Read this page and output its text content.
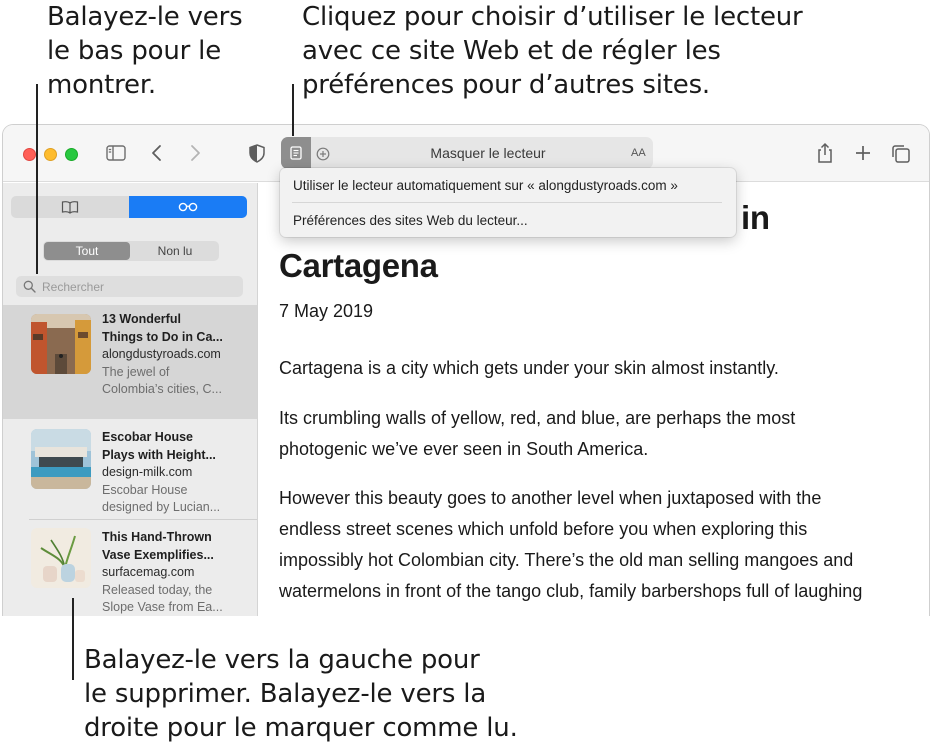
Balayez-le vers
le bas pour le
montrer.
Cliquez pour choisir d’utiliser le lecteur
avec ce site Web et de régler les
préférences pour d’autres sites.
Balayez-le vers la gauche pour
le supprimer. Balayez-le vers la
droite pour le marquer comme lu.
Masquer le lecteur	AA
Tout	Non lu
Rechercher
13 Wonderful
Things to Do in Ca...
alongdustyroads.com
The jewel of
Colombia’s cities, C...
Escobar House
Plays with Height...
design-milk.com
Escobar House
designed by Lucian...
This Hand-Thrown
Vase Exemplifies...
surfacemag.com
Released today, the
Slope Vase from Ea...
in
Cartagena
7 May 2019
Cartagena is a city which gets under your skin almost instantly.
Its crumbling walls of yellow, red, and blue, are perhaps the most
photogenic we’ve ever seen in South America.
However this beauty goes to another level when juxtaposed with the
endless street scenes which unfold before you when exploring this
impossibly hot Colombian city. There’s the old man selling mangoes and
watermelons in front of the tango club, family barbershops full of laughing
Utiliser le lecteur automatiquement sur « alongdustyroads.com »
Préférences des sites Web du lecteur...
